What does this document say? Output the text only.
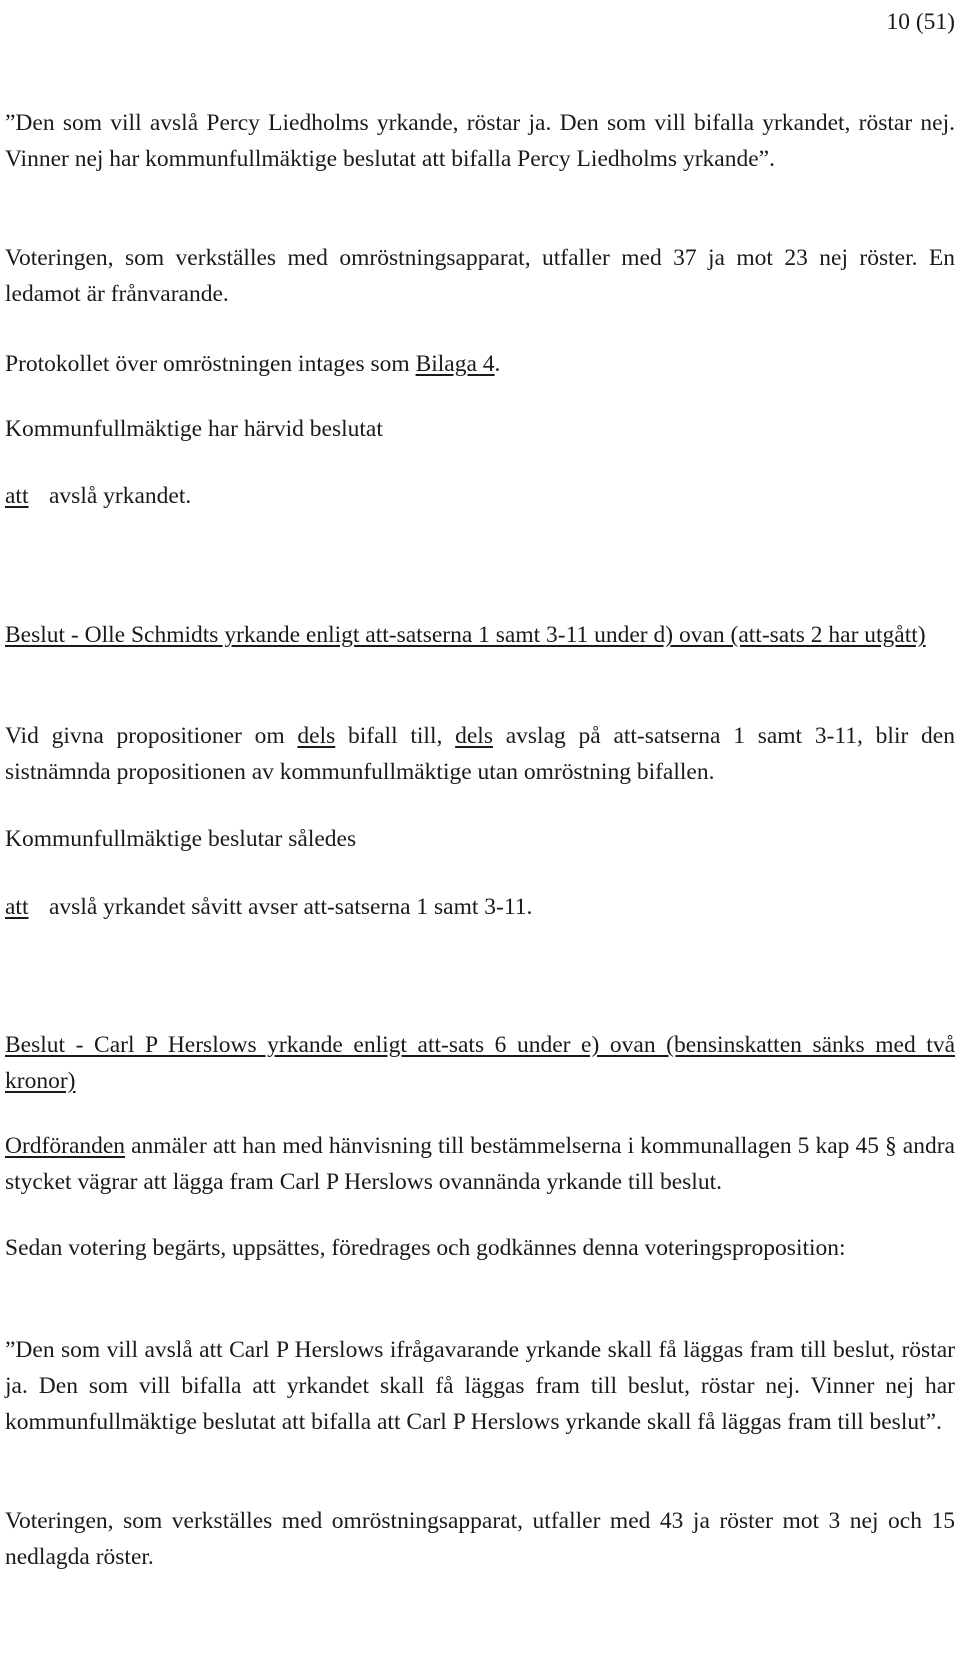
10 (51)

”Den som vill avslå Percy Liedholms yrkande, röstar ja. Den som vill bifalla yrkandet, röstar nej. Vinner nej har kommunfullmäktige beslutat att bifalla Percy Liedholms yrkande”.

Voteringen, som verkställes med omröstningsapparat, utfaller med 37 ja mot 23 nej röster. En ledamot är frånvarande.

Protokollet över omröstningen intages som Bilaga 4.

Kommunfullmäktige har härvid beslutat

att avslå yrkandet.

Beslut - Olle Schmidts yrkande enligt att-satserna 1 samt 3-11 under d) ovan (att-sats 2 har utgått)

Vid givna propositioner om dels bifall till, dels avslag på att-satserna 1 samt 3-11, blir den sistnämnda propositionen av kommunfullmäktige utan omröstning bifallen.

Kommunfullmäktige beslutar således

att avslå yrkandet såvitt avser att-satserna 1 samt 3-11.

Beslut - Carl P Herslows yrkande enligt att-sats 6 under e) ovan (bensinskatten sänks med två kronor)

Ordföranden anmäler att han med hänvisning till bestämmelserna i kommunallagen 5 kap 45 § andra stycket vägrar att lägga fram Carl P Herslows ovannända yrkande till beslut.

Sedan votering begärts, uppsättes, föredrages och godkännes denna voteringsproposition:

”Den som vill avslå att Carl P Herslows ifrågavarande yrkande skall få läggas fram till beslut, röstar ja. Den som vill bifalla att yrkandet skall få läggas fram till beslut, röstar nej. Vinner nej har kommunfullmäktige beslutat att bifalla att Carl P Herslows yrkande skall få läggas fram till beslut”.

Voteringen, som verkställes med omröstningsapparat, utfaller med 43 ja röster mot 3 nej och 15 nedlagda röster.
